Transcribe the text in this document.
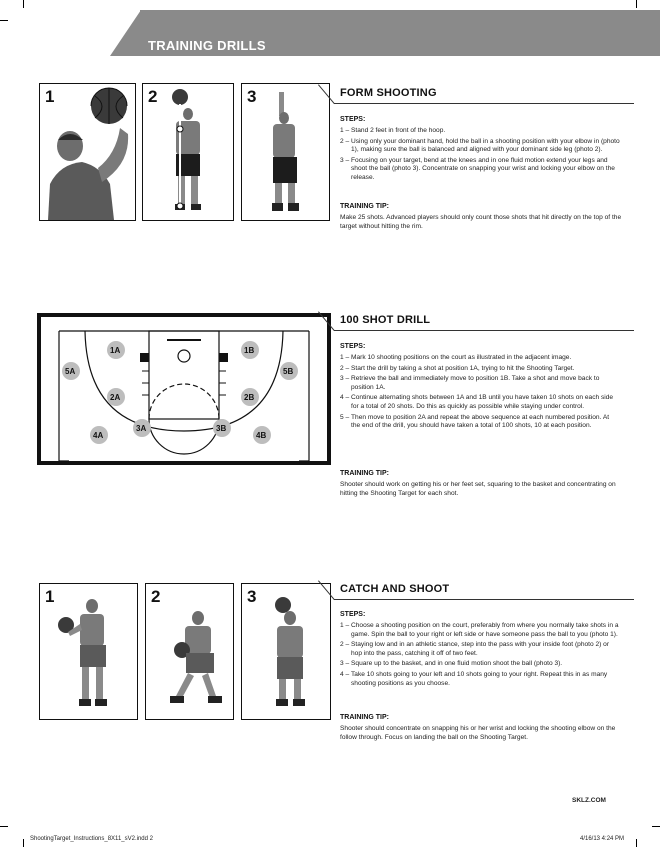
TRAINING DRILLS
1	2	3	FORM SHOOTING
STEPS:
1 – Stand 2 feet in front of the hoop.
2 – Using only your dominant hand, hold the ball in a shooting position with your elbow in (photo 1), making sure the ball is balanced and aligned with your dominant side leg (photo 2).
3 – Focusing on your target, bend at the knees and in one fluid motion extend your legs and shoot the ball (photo 3). Concentrate on snapping your wrist and locking your elbow on the release.
TRAINING TIP:
Make 25 shots. Advanced players should only count those shots that hit directly on the top of the target without hitting the rim.
1A	1B
2A	2B
3A	3B
4A	4B
5A	5B
100 SHOT DRILL
STEPS:
1 – Mark 10 shooting positions on the court as illustrated in the adjacent image.
2 – Start the drill by taking a shot at position 1A, trying to hit the Shooting Target.
3 – Retrieve the ball and immediately move to position 1B. Take a shot and move back to position 1A.
4 – Continue alternating shots between 1A and 1B until you have taken 10 shots on each side for a total of 20 shots. Do this as quickly as possible while staying under control.
5 – Then move to position 2A and repeat the above sequence at each numbered position. At the end of the drill, you should have taken a total of 100 shots, 10 at each position.
TRAINING TIP:
Shooter should work on getting his or her feet set, squaring to the basket and concentrating on hitting the Shooting Target for each shot.
1	2	3	CATCH AND SHOOT
STEPS:
1 – Choose a shooting position on the court, preferably from where you normally take shots in a game. Spin the ball to your right or left side or have someone pass the ball to you (photo 1).
2 – Staying low and in an athletic stance, step into the pass with your inside foot (photo 2) or hop into the pass, catching it off of two feet.
3 – Square up to the basket, and in one fluid motion shoot the ball (photo 3).
4 – Take 10 shots going to your left and 10 shots going to your right. Repeat this in as many shooting positions as you choose.
TRAINING TIP:
Shooter should concentrate on snapping his or her wrist and locking the shooting elbow on the follow through. Focus on landing the ball on the Shooting Target.
SKLZ.COM
ShootingTarget_Instructions_8X11_sV2.indd 2	4/16/13 4:24 PM
